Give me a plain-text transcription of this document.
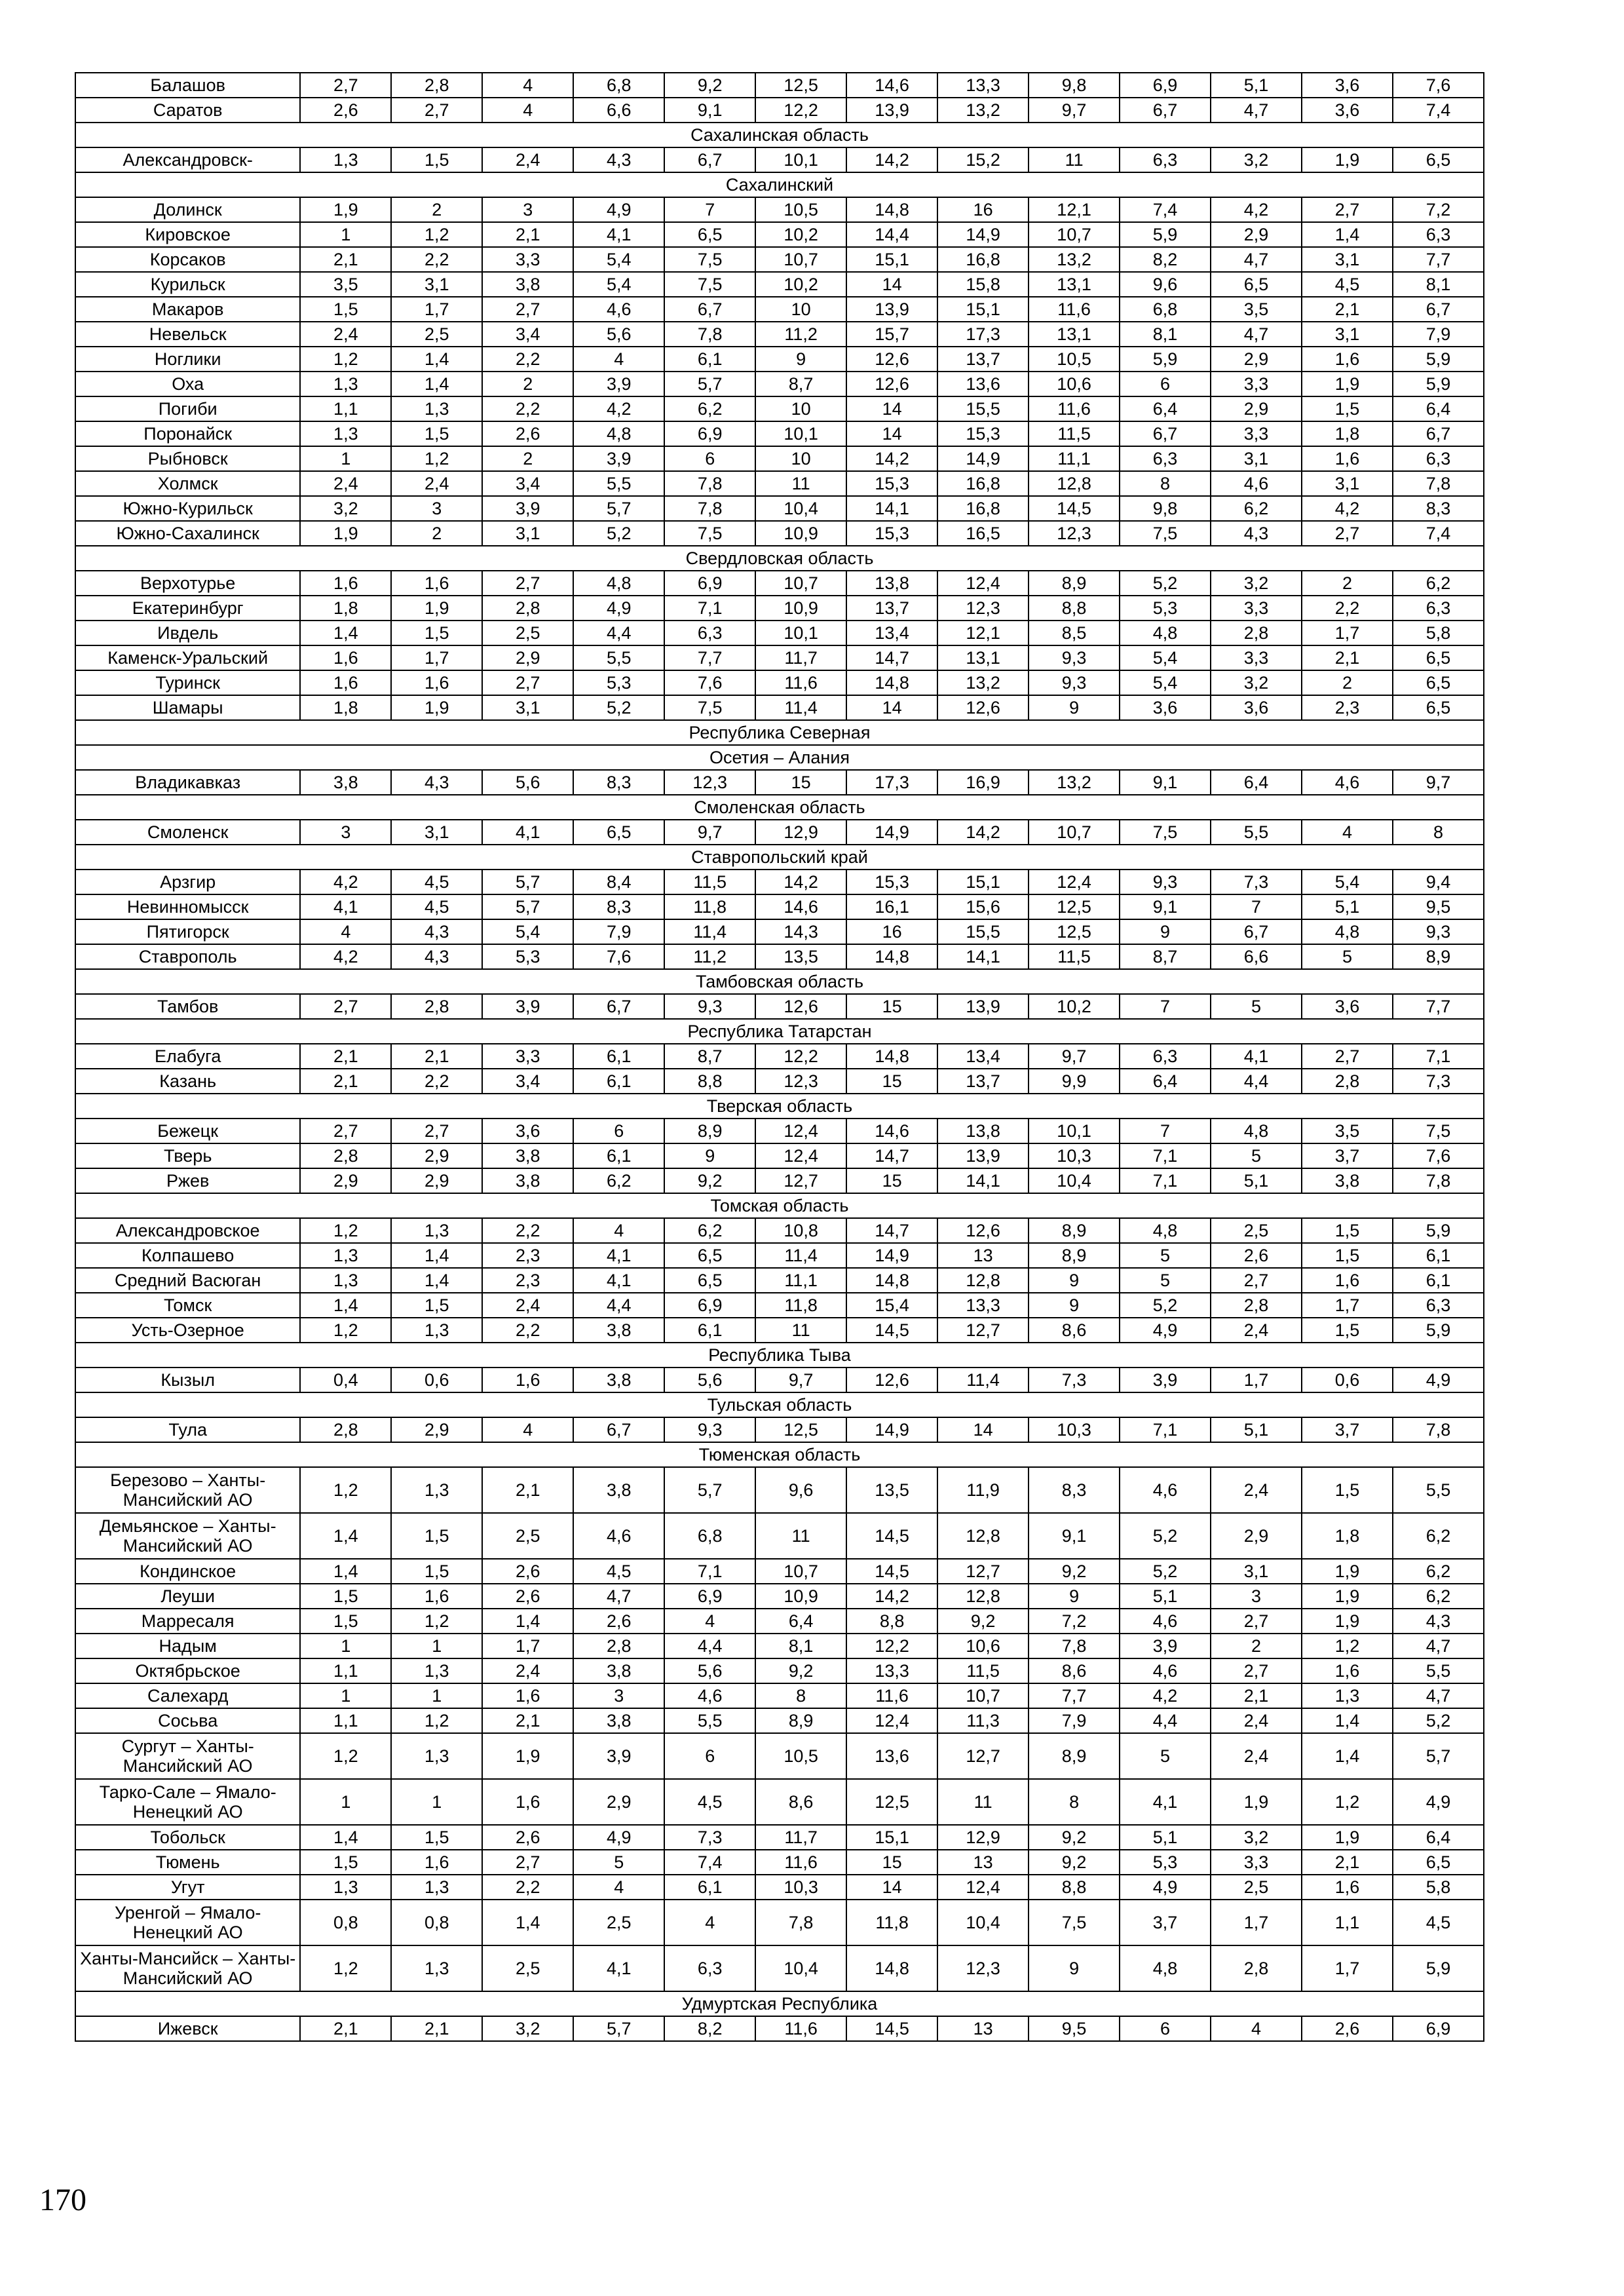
Балашов	2,7	2,8	4	6,8	9,2	12,5	14,6	13,3	9,8	6,9	5,1	3,6	7,6
Саратов	2,6	2,7	4	6,6	9,1	12,2	13,9	13,2	9,7	6,7	4,7	3,6	7,4
Сахалинская область													
Александровск-	1,3	1,5	2,4	4,3	6,7	10,1	14,2	15,2	11	6,3	3,2	1,9	6,5
Сахалинский													
Долинск	1,9	2	3	4,9	7	10,5	14,8	16	12,1	7,4	4,2	2,7	7,2
Кировское	1	1,2	2,1	4,1	6,5	10,2	14,4	14,9	10,7	5,9	2,9	1,4	6,3
Корсаков	2,1	2,2	3,3	5,4	7,5	10,7	15,1	16,8	13,2	8,2	4,7	3,1	7,7
Курильск	3,5	3,1	3,8	5,4	7,5	10,2	14	15,8	13,1	9,6	6,5	4,5	8,1
Макаров	1,5	1,7	2,7	4,6	6,7	10	13,9	15,1	11,6	6,8	3,5	2,1	6,7
Невельск	2,4	2,5	3,4	5,6	7,8	11,2	15,7	17,3	13,1	8,1	4,7	3,1	7,9
Ноглики	1,2	1,4	2,2	4	6,1	9	12,6	13,7	10,5	5,9	2,9	1,6	5,9
Оха	1,3	1,4	2	3,9	5,7	8,7	12,6	13,6	10,6	6	3,3	1,9	5,9
Погиби	1,1	1,3	2,2	4,2	6,2	10	14	15,5	11,6	6,4	2,9	1,5	6,4
Поронайск	1,3	1,5	2,6	4,8	6,9	10,1	14	15,3	11,5	6,7	3,3	1,8	6,7
Рыбновск	1	1,2	2	3,9	6	10	14,2	14,9	11,1	6,3	3,1	1,6	6,3
Холмск	2,4	2,4	3,4	5,5	7,8	11	15,3	16,8	12,8	8	4,6	3,1	7,8
Южно-Курильск	3,2	3	3,9	5,7	7,8	10,4	14,1	16,8	14,5	9,8	6,2	4,2	8,3
Южно-Сахалинск	1,9	2	3,1	5,2	7,5	10,9	15,3	16,5	12,3	7,5	4,3	2,7	7,4
Свердловская область													
Верхотурье	1,6	1,6	2,7	4,8	6,9	10,7	13,8	12,4	8,9	5,2	3,2	2	6,2
Екатеринбург	1,8	1,9	2,8	4,9	7,1	10,9	13,7	12,3	8,8	5,3	3,3	2,2	6,3
Ивдель	1,4	1,5	2,5	4,4	6,3	10,1	13,4	12,1	8,5	4,8	2,8	1,7	5,8
Каменск-Уральский	1,6	1,7	2,9	5,5	7,7	11,7	14,7	13,1	9,3	5,4	3,3	2,1	6,5
Туринск	1,6	1,6	2,7	5,3	7,6	11,6	14,8	13,2	9,3	5,4	3,2	2	6,5
Шамары	1,8	1,9	3,1	5,2	7,5	11,4	14	12,6	9	3,6	3,6	2,3	6,5
Республика Северная													
Осетия – Алания													
Владикавказ	3,8	4,3	5,6	8,3	12,3	15	17,3	16,9	13,2	9,1	6,4	4,6	9,7
Смоленская область													
Смоленск	3	3,1	4,1	6,5	9,7	12,9	14,9	14,2	10,7	7,5	5,5	4	8
Ставропольский край													
Арзгир	4,2	4,5	5,7	8,4	11,5	14,2	15,3	15,1	12,4	9,3	7,3	5,4	9,4
Невинномысск	4,1	4,5	5,7	8,3	11,8	14,6	16,1	15,6	12,5	9,1	7	5,1	9,5
Пятигорск	4	4,3	5,4	7,9	11,4	14,3	16	15,5	12,5	9	6,7	4,8	9,3
Ставрополь	4,2	4,3	5,3	7,6	11,2	13,5	14,8	14,1	11,5	8,7	6,6	5	8,9
Тамбовская область													
Тамбов	2,7	2,8	3,9	6,7	9,3	12,6	15	13,9	10,2	7	5	3,6	7,7
Республика Татарстан													
Елабуга	2,1	2,1	3,3	6,1	8,7	12,2	14,8	13,4	9,7	6,3	4,1	2,7	7,1
Казань	2,1	2,2	3,4	6,1	8,8	12,3	15	13,7	9,9	6,4	4,4	2,8	7,3
Тверская область													
Бежецк	2,7	2,7	3,6	6	8,9	12,4	14,6	13,8	10,1	7	4,8	3,5	7,5
Тверь	2,8	2,9	3,8	6,1	9	12,4	14,7	13,9	10,3	7,1	5	3,7	7,6
Ржев	2,9	2,9	3,8	6,2	9,2	12,7	15	14,1	10,4	7,1	5,1	3,8	7,8
Томская область													
Александровское	1,2	1,3	2,2	4	6,2	10,8	14,7	12,6	8,9	4,8	2,5	1,5	5,9
Колпашево	1,3	1,4	2,3	4,1	6,5	11,4	14,9	13	8,9	5	2,6	1,5	6,1
Средний Васюган	1,3	1,4	2,3	4,1	6,5	11,1	14,8	12,8	9	5	2,7	1,6	6,1
Томск	1,4	1,5	2,4	4,4	6,9	11,8	15,4	13,3	9	5,2	2,8	1,7	6,3
Усть-Озерное	1,2	1,3	2,2	3,8	6,1	11	14,5	12,7	8,6	4,9	2,4	1,5	5,9
Республика Тыва													
Кызыл	0,4	0,6	1,6	3,8	5,6	9,7	12,6	11,4	7,3	3,9	1,7	0,6	4,9
Тульская область													
Тула	2,8	2,9	4	6,7	9,3	12,5	14,9	14	10,3	7,1	5,1	3,7	7,8
Тюменская область													
Березово – Ханты-Мансийский АО	1,2	1,3	2,1	3,8	5,7	9,6	13,5	11,9	8,3	4,6	2,4	1,5	5,5
Демьянское – Ханты-Мансийский АО	1,4	1,5	2,5	4,6	6,8	11	14,5	12,8	9,1	5,2	2,9	1,8	6,2
Кондинское	1,4	1,5	2,6	4,5	7,1	10,7	14,5	12,7	9,2	5,2	3,1	1,9	6,2
Леуши	1,5	1,6	2,6	4,7	6,9	10,9	14,2	12,8	9	5,1	3	1,9	6,2
Марресаля	1,5	1,2	1,4	2,6	4	6,4	8,8	9,2	7,2	4,6	2,7	1,9	4,3
Надым	1	1	1,7	2,8	4,4	8,1	12,2	10,6	7,8	3,9	2	1,2	4,7
Октябрьское	1,1	1,3	2,4	3,8	5,6	9,2	13,3	11,5	8,6	4,6	2,7	1,6	5,5
Салехард	1	1	1,6	3	4,6	8	11,6	10,7	7,7	4,2	2,1	1,3	4,7
Сосьва	1,1	1,2	2,1	3,8	5,5	8,9	12,4	11,3	7,9	4,4	2,4	1,4	5,2
Сургут – Ханты-Мансийский АО	1,2	1,3	1,9	3,9	6	10,5	13,6	12,7	8,9	5	2,4	1,4	5,7
Тарко-Сале – Ямало-Ненецкий АО	1	1	1,6	2,9	4,5	8,6	12,5	11	8	4,1	1,9	1,2	4,9
Тобольск	1,4	1,5	2,6	4,9	7,3	11,7	15,1	12,9	9,2	5,1	3,2	1,9	6,4
Тюмень	1,5	1,6	2,7	5	7,4	11,6	15	13	9,2	5,3	3,3	2,1	6,5
Угут	1,3	1,3	2,2	4	6,1	10,3	14	12,4	8,8	4,9	2,5	1,6	5,8
Уренгой – Ямало-Ненецкий АО	0,8	0,8	1,4	2,5	4	7,8	11,8	10,4	7,5	3,7	1,7	1,1	4,5
Ханты-Мансийск – Ханты-Мансийский АО	1,2	1,3	2,5	4,1	6,3	10,4	14,8	12,3	9	4,8	2,8	1,7	5,9
Удмуртская Республика													
Ижевск	2,1	2,1	3,2	5,7	8,2	11,6	14,5	13	9,5	6	4	2,6	6,9
170
